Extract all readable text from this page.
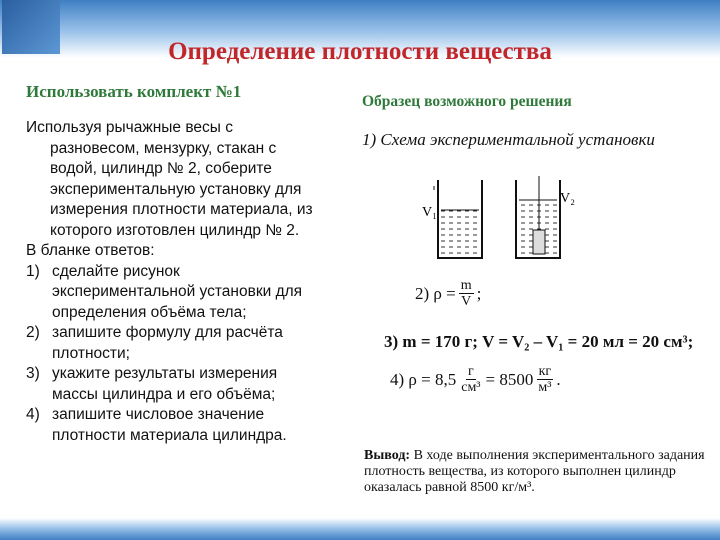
Определение плотности вещества
Использовать комплект №1
Используя рычажные весы с разновесом, мензурку, стакан с водой, цилиндр № 2, соберите экспериментальную установку для измерения плотности материала, из которого изготовлен цилиндр № 2.
В бланке ответов:
1) сделайте рисунок экспериментальной установки для определения объёма тела;
2) запишите формулу для расчёта плотности;
3) укажите результаты измерения массы цилиндра и его объёма;
4) запишите числовое значение плотности материала цилиндра.
Образец возможного решения
1) Схема экспериментальной установки
V₁
V₂
2) $\rho = \frac{m}{V}$ ;
3) m = 170 г; V = V₂ – V₁ = 20 мл = 20 см³;
4) $\rho = 8,5 \frac{г}{\text{см³}} = 8500 \frac{кг}{\text{м³}}$ .
Вывод: В ходе выполнения экспериментального задания плотность вещества, из которого выполнен цилиндр оказалась равной 8500 кг/м³.
